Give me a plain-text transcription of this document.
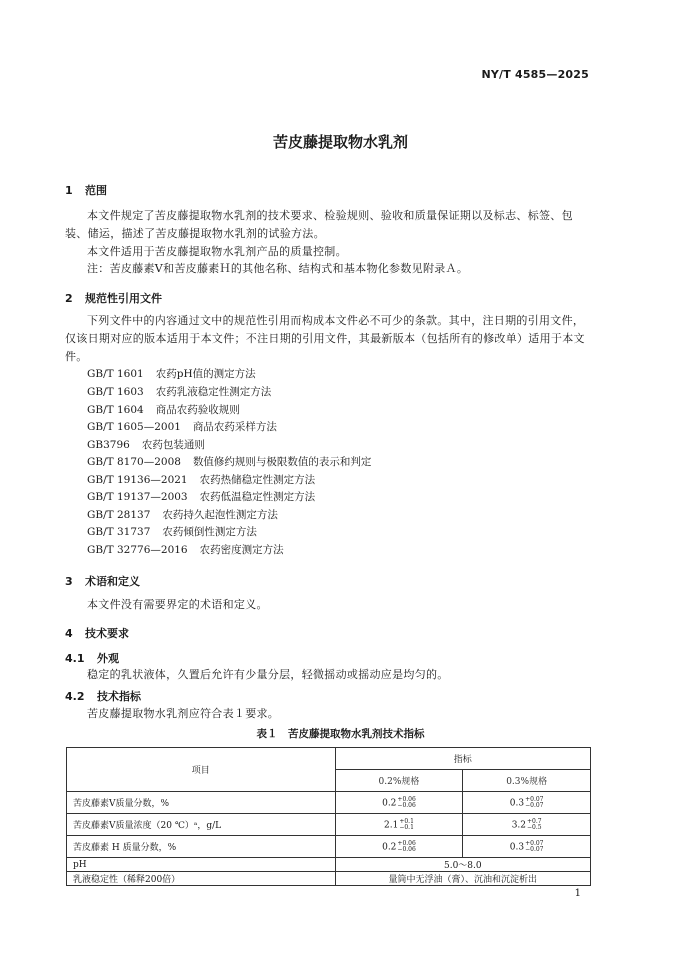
NY/T 4585—2025
苦皮藤提取物水乳剂
1 范围
本文件规定了苦皮藤提取物水乳剂的技术要求、检验规则、验收和质量保证期以及标志、标签、包装、储运，描述了苦皮藤提取物水乳剂的试验方法。
本文件适用于苦皮藤提取物水乳剂产品的质量控制。
注：苦皮藤素Ⅴ和苦皮藤素Ｈ的其他名称、结构式和基本物化参数见附录Ａ。
2 规范性引用文件
下列文件中的内容通过文中的规范性引用而构成本文件必不可少的条款。其中，注日期的引用文件，仅该日期对应的版本适用于本文件；不注日期的引用文件，其最新版本（包括所有的修改单）适用于本文件。
GB/T 1601 农药pH值的测定方法
GB/T 1603 农药乳液稳定性测定方法
GB/T 1604 商品农药验收规则
GB/T 1605—2001 商品农药采样方法
GB3796 农药包装通则
GB/T 8170—2008 数值修约规则与极限数值的表示和判定
GB/T 19136—2021 农药热储稳定性测定方法
GB/T 19137—2003 农药低温稳定性测定方法
GB/T 28137 农药持久起泡性测定方法
GB/T 31737 农药倾倒性测定方法
GB/T 32776—2016 农药密度测定方法
3 术语和定义
本文件没有需要界定的术语和定义。
4 技术要求
4.1 外观
稳定的乳状液体，久置后允许有少量分层，轻微摇动或摇动应是均匀的。
4.2 技术指标
苦皮藤提取物水乳剂应符合表１要求。
表１　苦皮藤提取物水乳剂技术指标
项目	指标	
	0.2%规格	0.3%规格
苦皮藤素Ⅴ质量分数，%	0.2 +0.06
−0.06	0.3 +0.07
−0.07

苦皮藤素Ⅴ质量浓度（20 ℃）ᵃ，g/L	2.1 +0.1
−0.1	3.2 +0.7
−0.5

苦皮藤素 H 质量分数，%	0.2 +0.06
−0.06	0.3 +0.07
−0.07

pH	5.0～8.0	
乳液稳定性（稀释200倍）	量筒中无浮油（膏）、沉油和沉淀析出	
1
